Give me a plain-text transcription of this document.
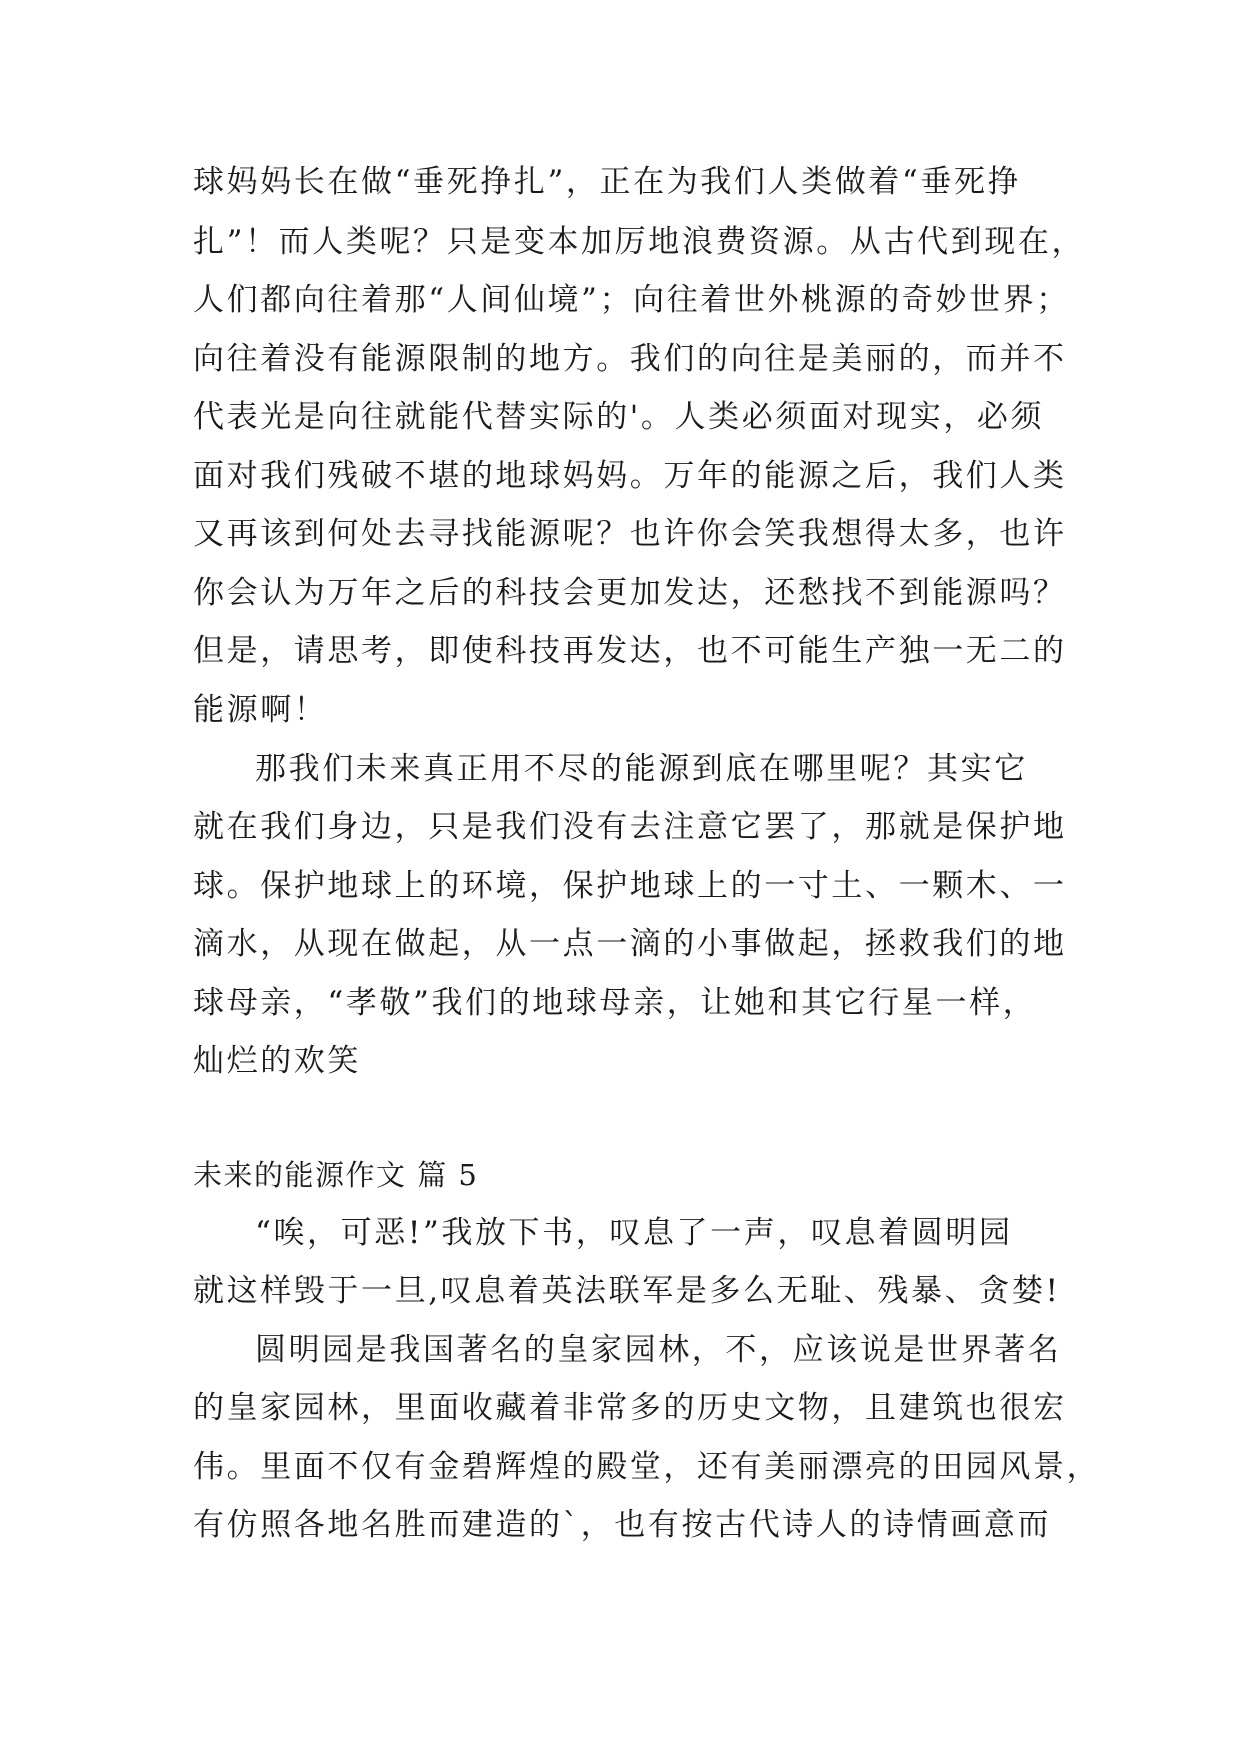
球妈妈长在做“垂死挣扎”，正在为我们人类做着“垂死挣
扎”！而人类呢？只是变本加厉地浪费资源。从古代到现在，
人们都向往着那“人间仙境”；向往着世外桃源的奇妙世界；
向往着没有能源限制的地方。我们的向往是美丽的，而并不
代表光是向往就能代替实际的'。人类必须面对现实，必须
面对我们残破不堪的地球妈妈。万年的能源之后，我们人类
又再该到何处去寻找能源呢？也许你会笑我想得太多，也许
你会认为万年之后的科技会更加发达，还愁找不到能源吗？
但是，请思考，即使科技再发达，也不可能生产独一无二的
能源啊！
那我们未来真正用不尽的能源到底在哪里呢？其实它
就在我们身边，只是我们没有去注意它罢了，那就是保护地
球。保护地球上的环境，保护地球上的一寸土、一颗木、一
滴水，从现在做起，从一点一滴的小事做起，拯救我们的地
球母亲，“孝敬”我们的地球母亲，让她和其它行星一样，
灿烂的欢笑
未来的能源作文 篇 5
“唉，可恶!”我放下书，叹息了一声，叹息着圆明园
就这样毁于一旦,叹息着英法联军是多么无耻、残暴、贪婪!
圆明园是我国著名的皇家园林，不，应该说是世界著名
的皇家园林，里面收藏着非常多的历史文物，且建筑也很宏
伟。里面不仅有金碧辉煌的殿堂，还有美丽漂亮的田园风景，
有仿照各地名胜而建造的`，也有按古代诗人的诗情画意而
